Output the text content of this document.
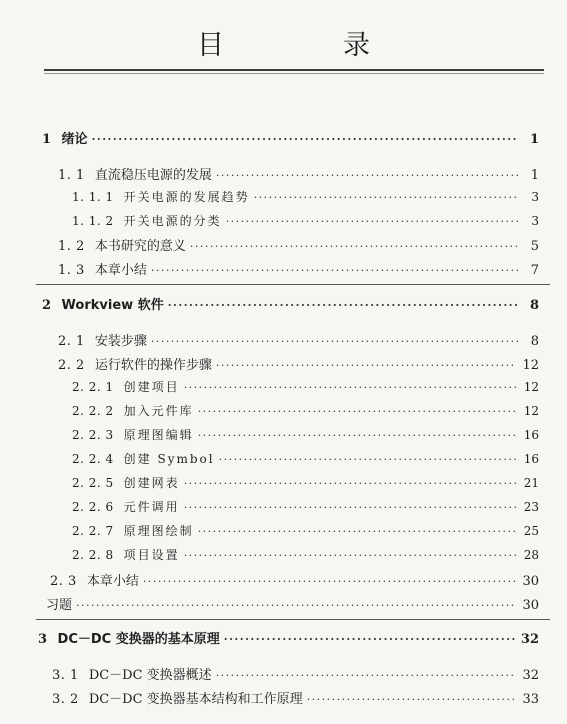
目　录
1 绪论 ·····	1
1. 1 直流稳压电源的发展 ·····	1
1. 1. 1 开关电源的发展趋势 ·····	3
1. 1. 2 开关电源的分类 ·····	3
1. 2 本书研究的意义 ·····	5
1. 3 本章小结 ·····	7
2 Workview 软件 ·····	8
2. 1 安装步骤 ·····	8
2. 2 运行软件的操作步骤 ·····	12
2. 2. 1 创建项目 ·····	12
2. 2. 2 加入元件库 ·····	12
2. 2. 3 原理图编辑 ·····	16
2. 2. 4 创建 Symbol ·····	16
2. 2. 5 创建网表 ·····	21
2. 2. 6 元件调用 ·····	23
2. 2. 7 原理图绘制 ·····	25
2. 2. 8 项目设置 ·····	28
2. 3 本章小结 ·····	30
习题 ·····	30
3 DC－DC 变换器的基本原理 ·····	32
3. 1 DC－DC 变换器概述 ·····	32
3. 2 DC－DC 变换器基本结构和工作原理 ·····	33
